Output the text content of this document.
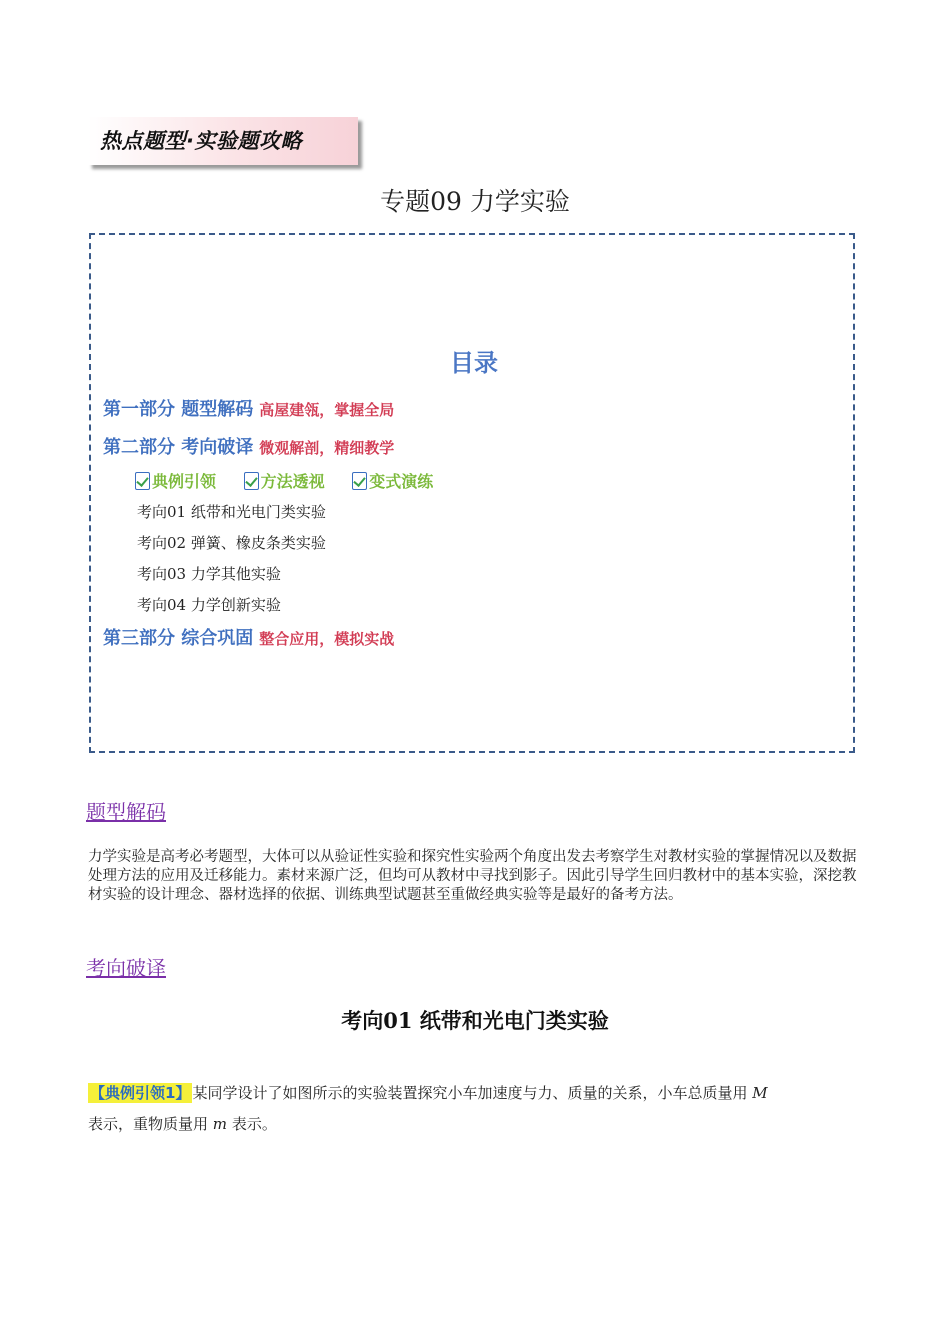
热点题型·实验题攻略
专题09 力学实验
目录
第一部分 题型解码 高屋建瓴，掌握全局
第二部分 考向破译 微观解剖，精细教学
典例引领	方法透视	变式演练
考向01 纸带和光电门类实验
考向02 弹簧、橡皮条类实验
考向03 力学其他实验
考向04 力学创新实验
第三部分 综合巩固 整合应用，模拟实战
题型解码
力学实验是高考必考题型，大体可以从验证性实验和探究性实验两个角度出发去考察学生对教材实验的掌握情况以及数据处理方法的应用及迁移能力。素材来源广泛，但均可从教材中寻找到影子。因此引导学生回归教材中的基本实验，深挖教材实验的设计理念、器材选择的依据、训练典型试题甚至重做经典实验等是最好的备考方法。
考向破译
考向01 纸带和光电门类实验
【典例引领1】 某同学设计了如图所示的实验装置探究小车加速度与力、质量的关系，小车总质量用 M
表示，重物质量用 m 表示。
